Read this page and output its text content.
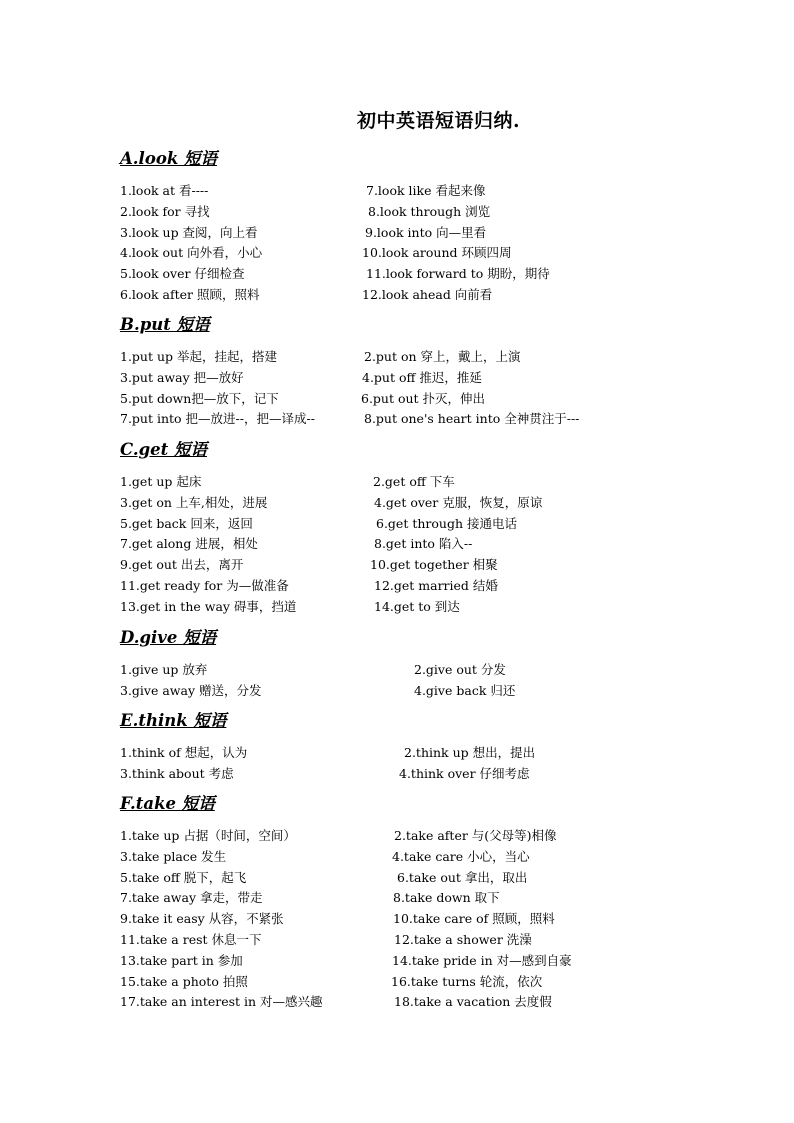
初中英语短语归纳.
A.look 短语
1.look at 看----	7.look like 看起来像
2.look for 寻找	8.look through 浏览
3.look up 查阅，向上看	9.look into 向—里看
4.look out 向外看，小心	10.look around 环顾四周
5.look over 仔细检查	11.look forward to 期盼，期待
6.look after 照顾，照料	12.look ahead 向前看
B.put 短语
1.put up 举起，挂起，搭建	2.put on 穿上，戴上，上演
3.put away 把—放好	4.put off 推迟，推延
5.put down把—放下，记下	6.put out 扑灭，伸出
7.put into 把—放进--，把—译成--	8.put one's heart into 全神贯注于---
C.get 短语
1.get up 起床	2.get off 下车
3.get on 上车,相处，进展	4.get over 克服，恢复，原谅
5.get back 回来，返回	6.get through 接通电话
7.get along 进展，相处	8.get into 陷入--
9.get out 出去，离开	10.get together 相聚
11.get ready for 为—做准备	12.get married 结婚
13.get in the way 碍事，挡道	14.get to 到达
D.give 短语
1.give up 放弃	2.give out 分发
3.give away 赠送，分发	4.give back 归还
E.think 短语
1.think of 想起，认为	2.think up 想出，提出
3.think about 考虑	4.think over 仔细考虑
F.take 短语
1.take up 占据（时间，空间）	2.take after 与(父母等)相像
3.take place 发生	4.take care 小心，当心
5.take off 脱下，起飞	6.take out 拿出，取出
7.take away 拿走，带走	8.take down 取下
9.take it easy 从容，不紧张	10.take care of 照顾，照料
11.take a rest 休息一下	12.take a shower 洗澡
13.take part in 参加	14.take pride in 对—感到自豪
15.take a photo 拍照	16.take turns 轮流，依次
17.take an interest in 对—感兴趣	18.take a vacation 去度假
